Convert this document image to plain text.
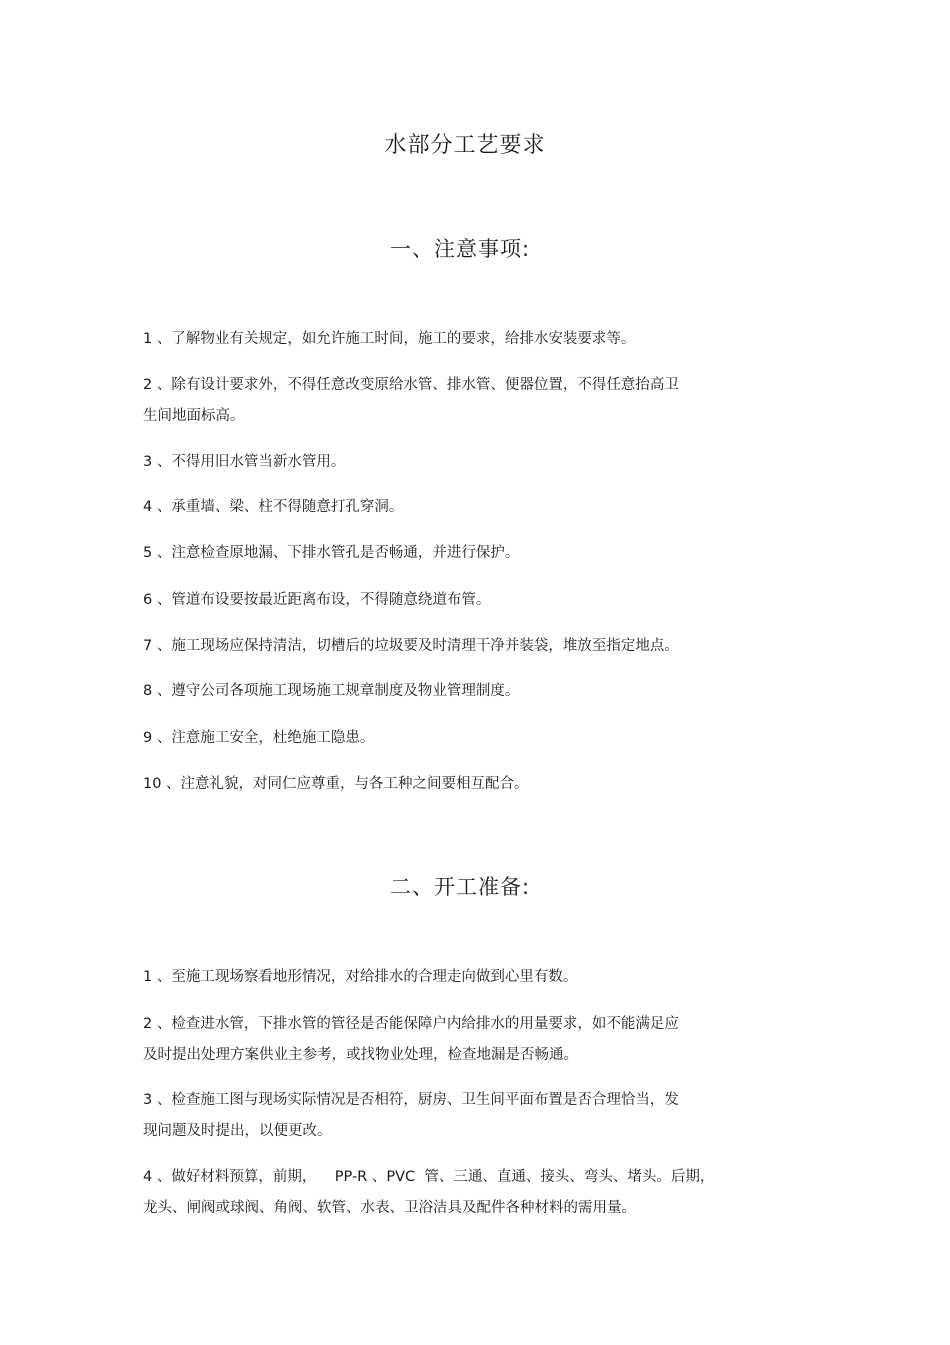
水部分工艺要求
一、注意事项:
1 、了解物业有关规定，如允许施工时间，施工的要求，给排水安装要求等。
2 、除有设计要求外，不得任意改变原给水管、排水管、便器位置，不得任意抬高卫
生间地面标高。
3 、不得用旧水管当新水管用。
4 、承重墙、梁、柱不得随意打孔穿洞。
5 、注意检查原地漏、下排水管孔是否畅通，并进行保护。
6 、管道布设要按最近距离布设，不得随意绕道布管。
7 、施工现场应保持清洁，切槽后的垃圾要及时清理干净并装袋，堆放至指定地点。
8 、遵守公司各项施工现场施工规章制度及物业管理制度。
9 、注意施工安全，杜绝施工隐患。
10 、注意礼貌，对同仁应尊重，与各工种之间要相互配合。
二、开工准备:
1 、至施工现场察看地形情况，对给排水的合理走向做到心里有数。
2 、检查进水管，下排水管的管径是否能保障户内给排水的用量要求，如不能满足应
及时提出处理方案供业主参考，或找物业处理，检查地漏是否畅通。
3 、检查施工图与现场实际情况是否相符，厨房、卫生间平面布置是否合理恰当，发
现问题及时提出，以便更改。
4 、做好材料预算，前期，    PP-R 、PVC  管、三通、直通、接头、弯头、堵头。后期，
龙头、闸阀或球阀、角阀、软管、水表、卫浴洁具及配件各种材料的需用量。
